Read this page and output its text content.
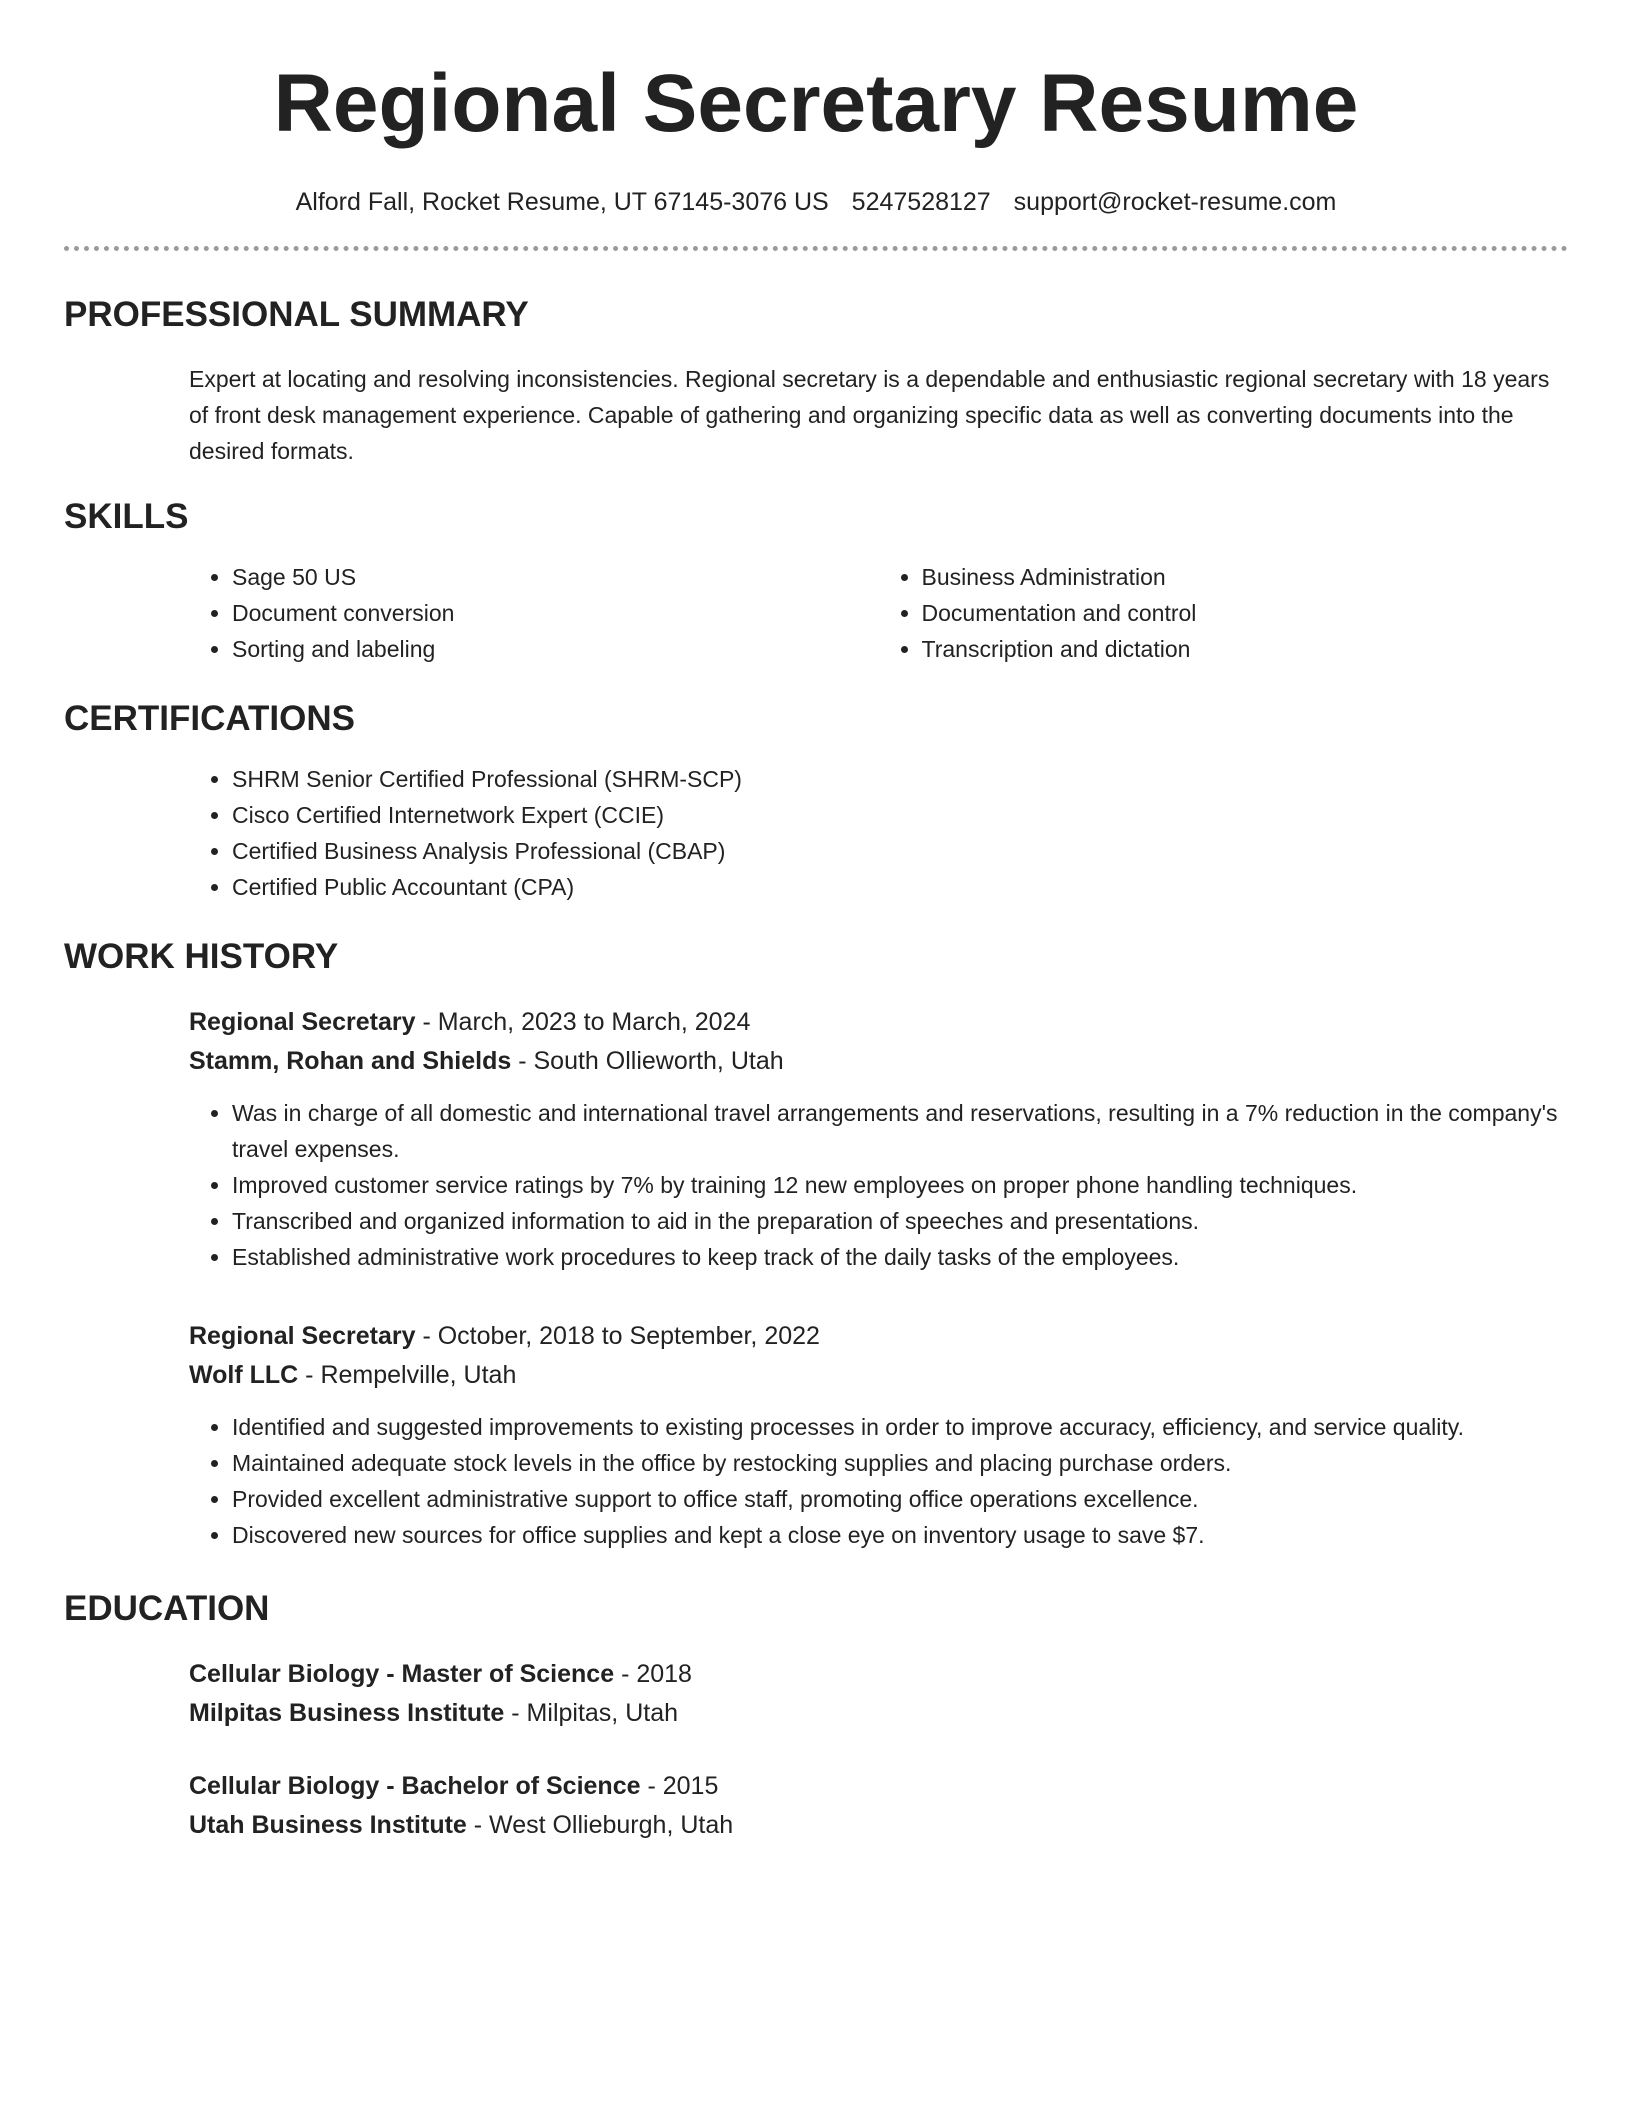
Regional Secretary Resume
Alford Fall, Rocket Resume, UT 67145-3076 US 5247528127 support@rocket-resume.com
PROFESSIONAL SUMMARY

Expert at locating and resolving inconsistencies. Regional secretary is a dependable and enthusiastic regional secretary with 18 years of front desk management experience. Capable of gathering and organizing specific data as well as converting documents into the desired formats.

SKILLS
• Sage 50 US
• Document conversion
• Sorting and labeling
• Business Administration
• Documentation and control
• Transcription and dictation
CERTIFICATIONS
• SHRM Senior Certified Professional (SHRM-SCP)
• Cisco Certified Internetwork Expert (CCIE)
• Certified Business Analysis Professional (CBAP)
• Certified Public Accountant (CPA)
WORK HISTORY
Regional Secretary - March, 2023 to March, 2024
Stamm, Rohan and Shields - South Ollieworth, Utah
• Was in charge of all domestic and international travel arrangements and reservations, resulting in a 7% reduction in the company's travel expenses.
• Improved customer service ratings by 7% by training 12 new employees on proper phone handling techniques.
• Transcribed and organized information to aid in the preparation of speeches and presentations.
• Established administrative work procedures to keep track of the daily tasks of the employees.
Regional Secretary - October, 2018 to September, 2022
Wolf LLC - Rempelville, Utah
• Identified and suggested improvements to existing processes in order to improve accuracy, efficiency, and service quality.
• Maintained adequate stock levels in the office by restocking supplies and placing purchase orders.
• Provided excellent administrative support to office staff, promoting office operations excellence.
• Discovered new sources for office supplies and kept a close eye on inventory usage to save $7.
EDUCATION
Cellular Biology - Master of Science - 2018
Milpitas Business Institute - Milpitas, Utah
Cellular Biology - Bachelor of Science - 2015
Utah Business Institute - West Ollieburgh, Utah
